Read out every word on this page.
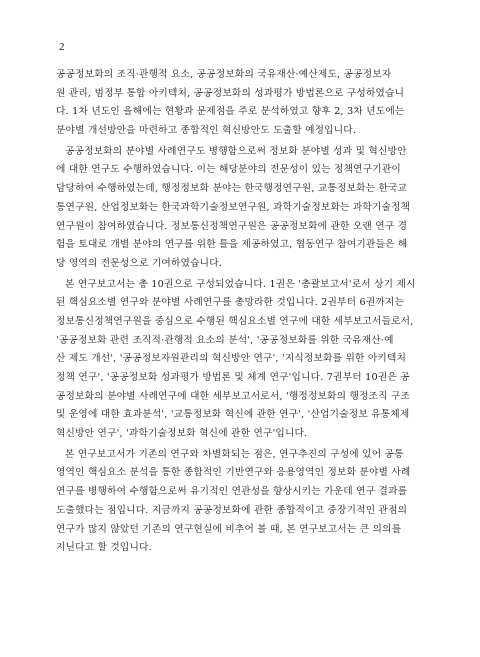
2
공공정보화의 조직·관행적 요소, 공공정보화의 국유재산·예산제도, 공공정보자
원 관리, 범정부 통합 아키텍처, 공공정보화의 성과평가 방법론으로 구성하였습니
다. 1차 년도인 올해에는 현황과 문제점을 주로 분석하였고 향후 2, 3차 년도에는
분야별 개선방안을 마련하고 종합적인 혁신방안도 도출할 예정입니다.
공공정보화의 분야별 사례연구도 병행함으로써 정보화 분야별 성과 및 혁신방안
에 대한 연구도 수행하였습니다. 이는 해당분야의 전문성이 있는 정책연구기관이
담당하여 수행하였는데, 행정정보화 분야는 한국행정연구원, 교통정보화는 한국교
통연구원, 산업정보화는 한국과학기술정보연구원, 과학기술정보화는 과학기술정책
연구원이 참여하였습니다. 정보통신정책연구원은 공공정보화에 관한 오랜 연구 경
험을 토대로 개별 분야의 연구를 위한 틀을 제공하였고, 협동연구 참여기관들은 해
당 영역의 전문성으로 기여하였습니다.
본 연구보고서는 총 10권으로 구성되었습니다. 1권은 '총괄보고서'로서 상기 제시
된 핵심요소별 연구와 분야별 사례연구를 총망라한 것입니다. 2권부터 6권까지는
정보통신정책연구원을 중심으로 수행된 핵심요소별 연구에 대한 세부보고서들로서,
'공공정보화 관련 조직적·관행적 요소의 분석', '공공정보화를 위한 국유재산·예
산 제도 개선', '공공정보자원관리의 혁신방안 연구', '지식정보화를 위한 아키텍처
정책 연구', '공공정보화 성과평가 방법론 및 체계 연구'입니다. 7권부터 10권은 공
공정보화의 분야별 사례연구에 대한 세부보고서로서, '행정정보화의 행정조직 구조
및 운영에 대한 효과분석', '교통정보화 혁신에 관한 연구', '산업기술정보 유통체제
혁신방안 연구', '과학기술정보화 혁신에 관한 연구'입니다.
본 연구보고서가 기존의 연구와 차별화되는 점은, 연구추진의 구성에 있어 공통
영역인 핵심요소 분석을 통한 종합적인 기반연구와 응용영역인 정보화 분야별 사례
연구를 병행하여 수행함으로써 유기적인 연관성을 향상시키는 가운데 연구 결과를
도출했다는 점입니다. 지금까지 공공정보화에 관한 종합적이고 중장기적인 관점의
연구가 많지 않았던 기존의 연구현실에 비추어 볼 때, 본 연구보고서는 큰 의의를
지닌다고 할 것입니다.
